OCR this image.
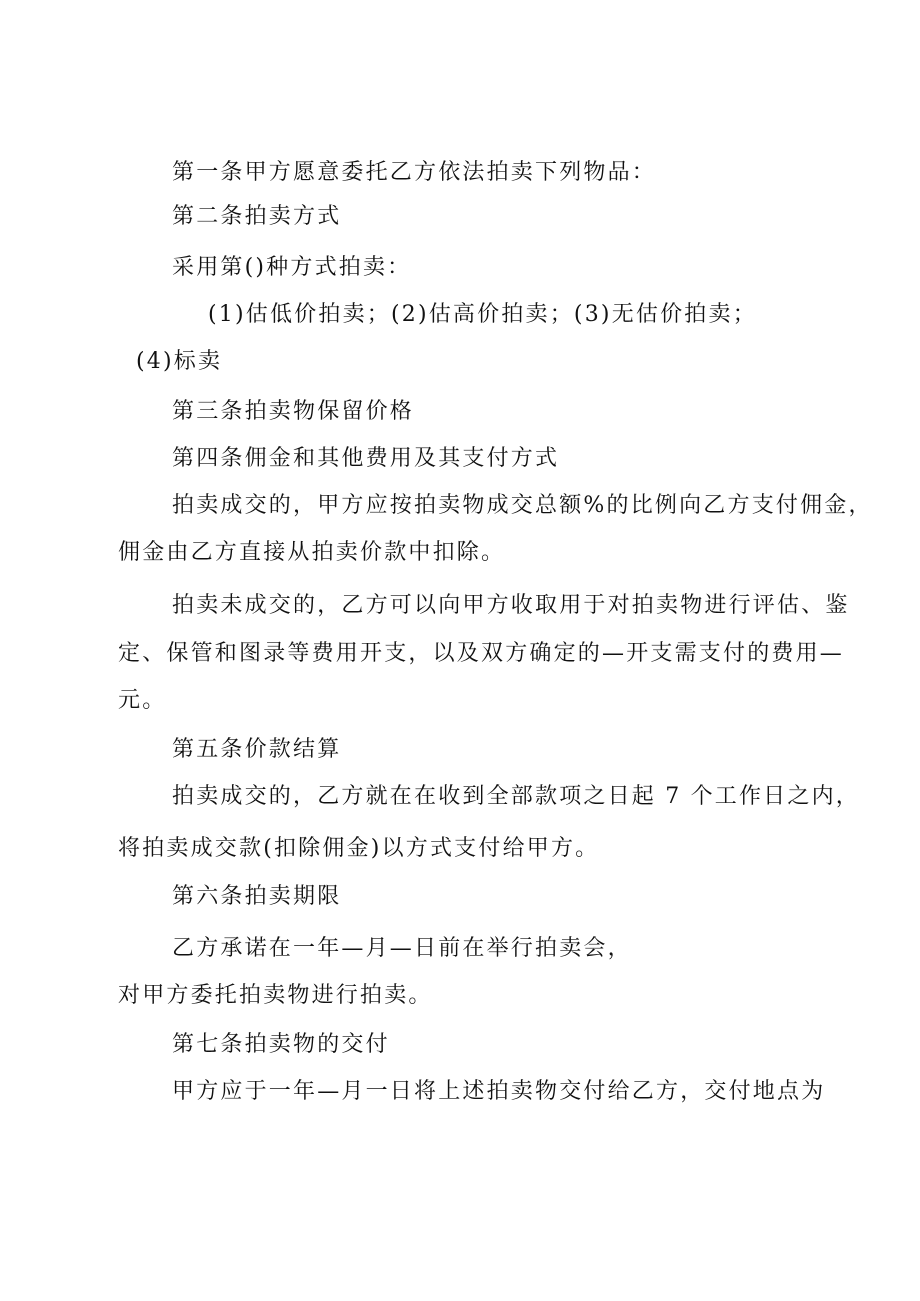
第一条甲方愿意委托乙方依法拍卖下列物品：
第二条拍卖方式
采用第()种方式拍卖：
(1)估低价拍卖；(2)估高价拍卖；(3)无估价拍卖；
(4)标卖
第三条拍卖物保留价格
第四条佣金和其他费用及其支付方式
拍卖成交的，甲方应按拍卖物成交总额%的比例向乙方支付佣金，
佣金由乙方直接从拍卖价款中扣除。
拍卖未成交的，乙方可以向甲方收取用于对拍卖物进行评估、鉴
定、保管和图录等费用开支，以及双方确定的—开支需支付的费用—
元。
第五条价款结算
拍卖成交的，乙方就在在收到全部款项之日起 7 个工作日之内，
将拍卖成交款(扣除佣金)以方式支付给甲方。
第六条拍卖期限
乙方承诺在一年—月—日前在举行拍卖会，
对甲方委托拍卖物进行拍卖。
第七条拍卖物的交付
甲方应于一年—月一日将上述拍卖物交付给乙方，交付地点为
